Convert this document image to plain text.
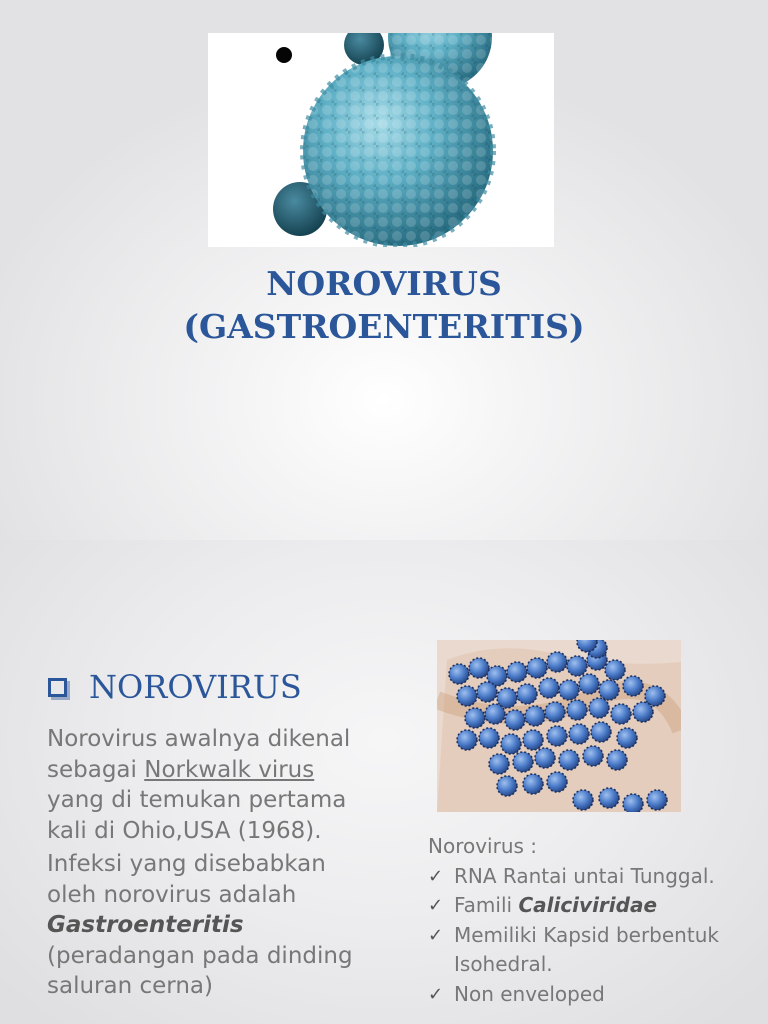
NOROVIRUS
(GASTROENTERITIS)
NOROVIRUS

Norovirus awalnya dikenal sebagai Norkwalk virus yang di temukan pertama kali di Ohio,USA (1968).

Infeksi yang disebabkan oleh norovirus adalah Gastroenteritis (peradangan pada dinding saluran cerna)

Norovirus :
✓ RNA Rantai untai Tunggal.
✓ Famili Caliciviridae
✓ Memiliki Kapsid berbentuk Isohedral.
✓ Non enveloped
